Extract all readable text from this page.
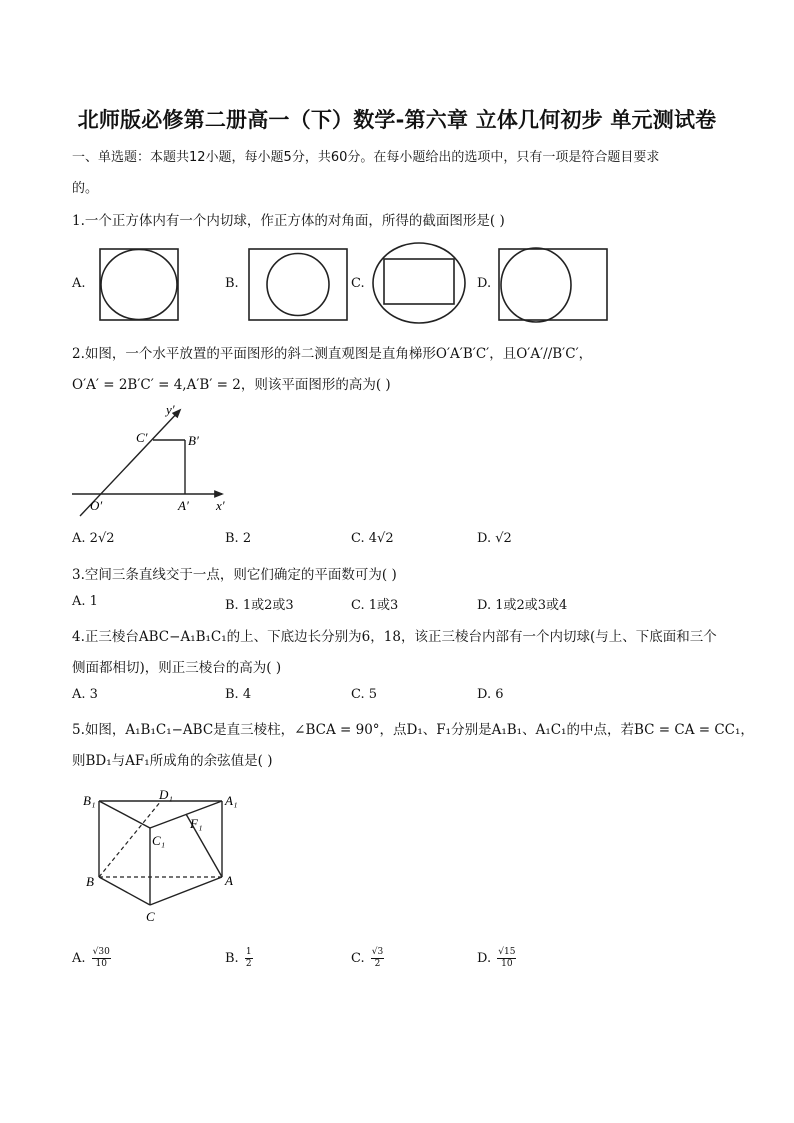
北师版必修第二册高一（下）数学-第六章 立体几何初步 单元测试卷
一、单选题：本题共12小题，每小题5分，共60分。在每小题给出的选项中，只有一项是符合题目要求
的。
1.一个正方体内有一个内切球，作正方体的对角面，所得的截面图形是( )
A.	B.	C.	D.
2.如图，一个水平放置的平面图形的斜二测直观图是直角梯形O′A′B′C′，且O′A′//B′C′，
O′A′ = 2B′C′ = 4,A′B′ = 2，则该平面图形的高为( )
y′
x′
O′	A′
B′
C′
A. 2√2	B. 2	C. 4√2	D. √2
3.空间三条直线交于一点，则它们确定的平面数可为( )
A. 1	B. 1或2或3	C. 1或3	D. 1或2或3或4
4.正三棱台ABC−A₁B₁C₁的上、下底边长分别为6，18，该正三棱台内部有一个内切球(与上、下底面和三个
侧面都相切)，则正三棱台的高为( )
A. 3	B. 4	C. 5	D. 6
5.如图，A₁B₁C₁−ABC是直三棱柱，∠BCA = 90°，点D₁、F₁分别是A₁B₁、A₁C₁的中点，若BC = CA = CC₁，
则BD₁与AF₁所成角的余弦值是( )
B₁	D₁	A₁
F₁
C₁
B	A
C
A. $\frac{√30}{10}$	B. $\frac{1}{2}$	C. $\frac{√3}{2}$	D. $\frac{√15}{10}$
